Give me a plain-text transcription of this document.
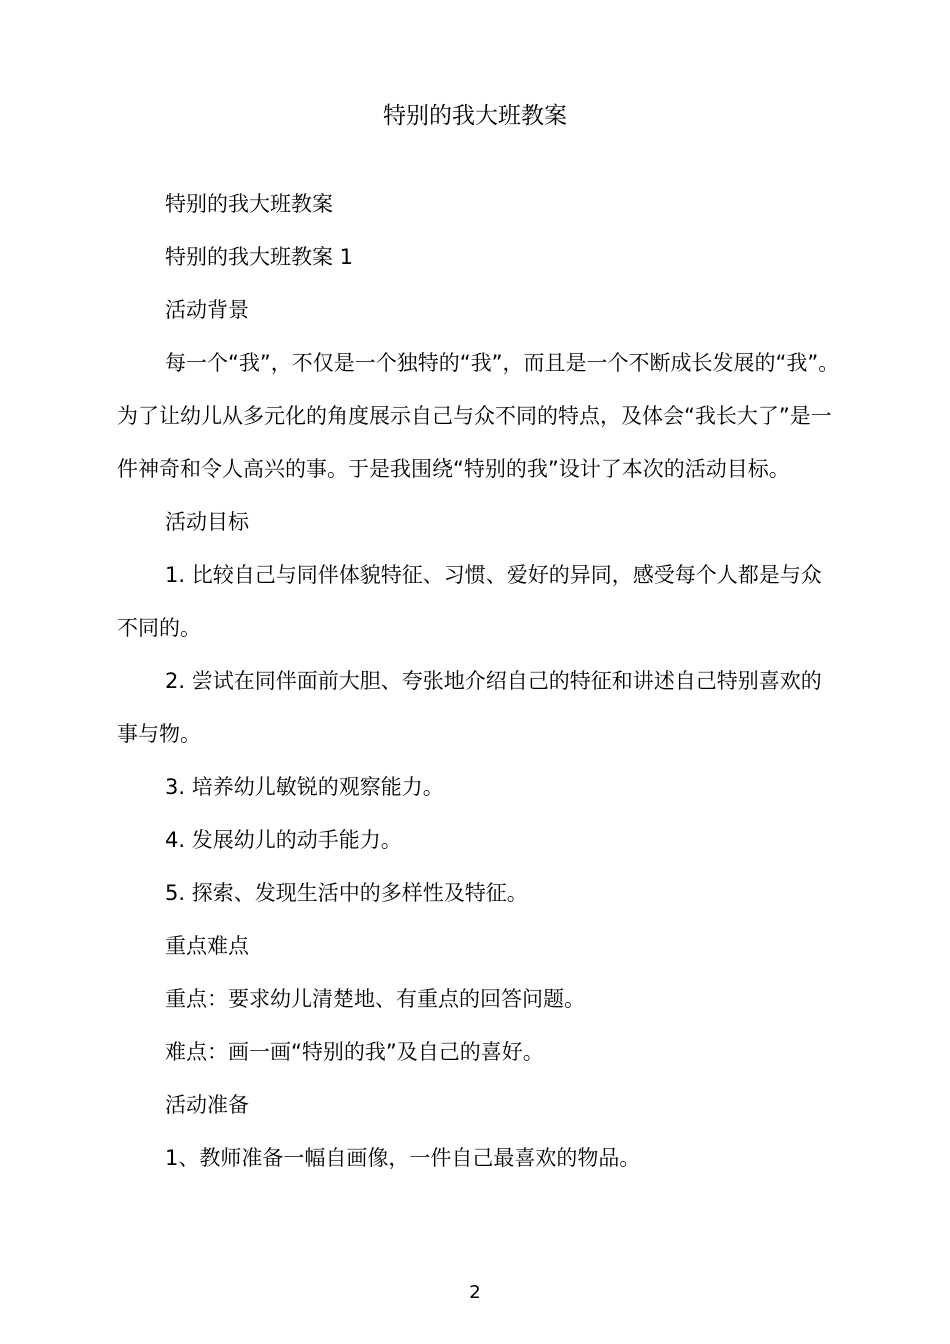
特别的我大班教案

特别的我大班教案

特别的我大班教案 1

活动背景

每一个“我”，不仅是一个独特的“我”，而且是一个不断成长发展的“我”。为了让幼儿从多元化的角度展示自己与众不同的特点，及体会“我长大了”是一件神奇和令人高兴的事。于是我围绕“特别的我”设计了本次的活动目标。

活动目标

1. 比较自己与同伴体貌特征、习惯、爱好的异同，感受每个人都是与众不同的。

2. 尝试在同伴面前大胆、夸张地介绍自己的特征和讲述自己特别喜欢的事与物。

3. 培养幼儿敏锐的观察能力。

4. 发展幼儿的动手能力。

5. 探索、发现生活中的多样性及特征。

重点难点

重点：要求幼儿清楚地、有重点的回答问题。

难点：画一画“特别的我”及自己的喜好。

活动准备

1、教师准备一幅自画像，一件自己最喜欢的物品。

2
